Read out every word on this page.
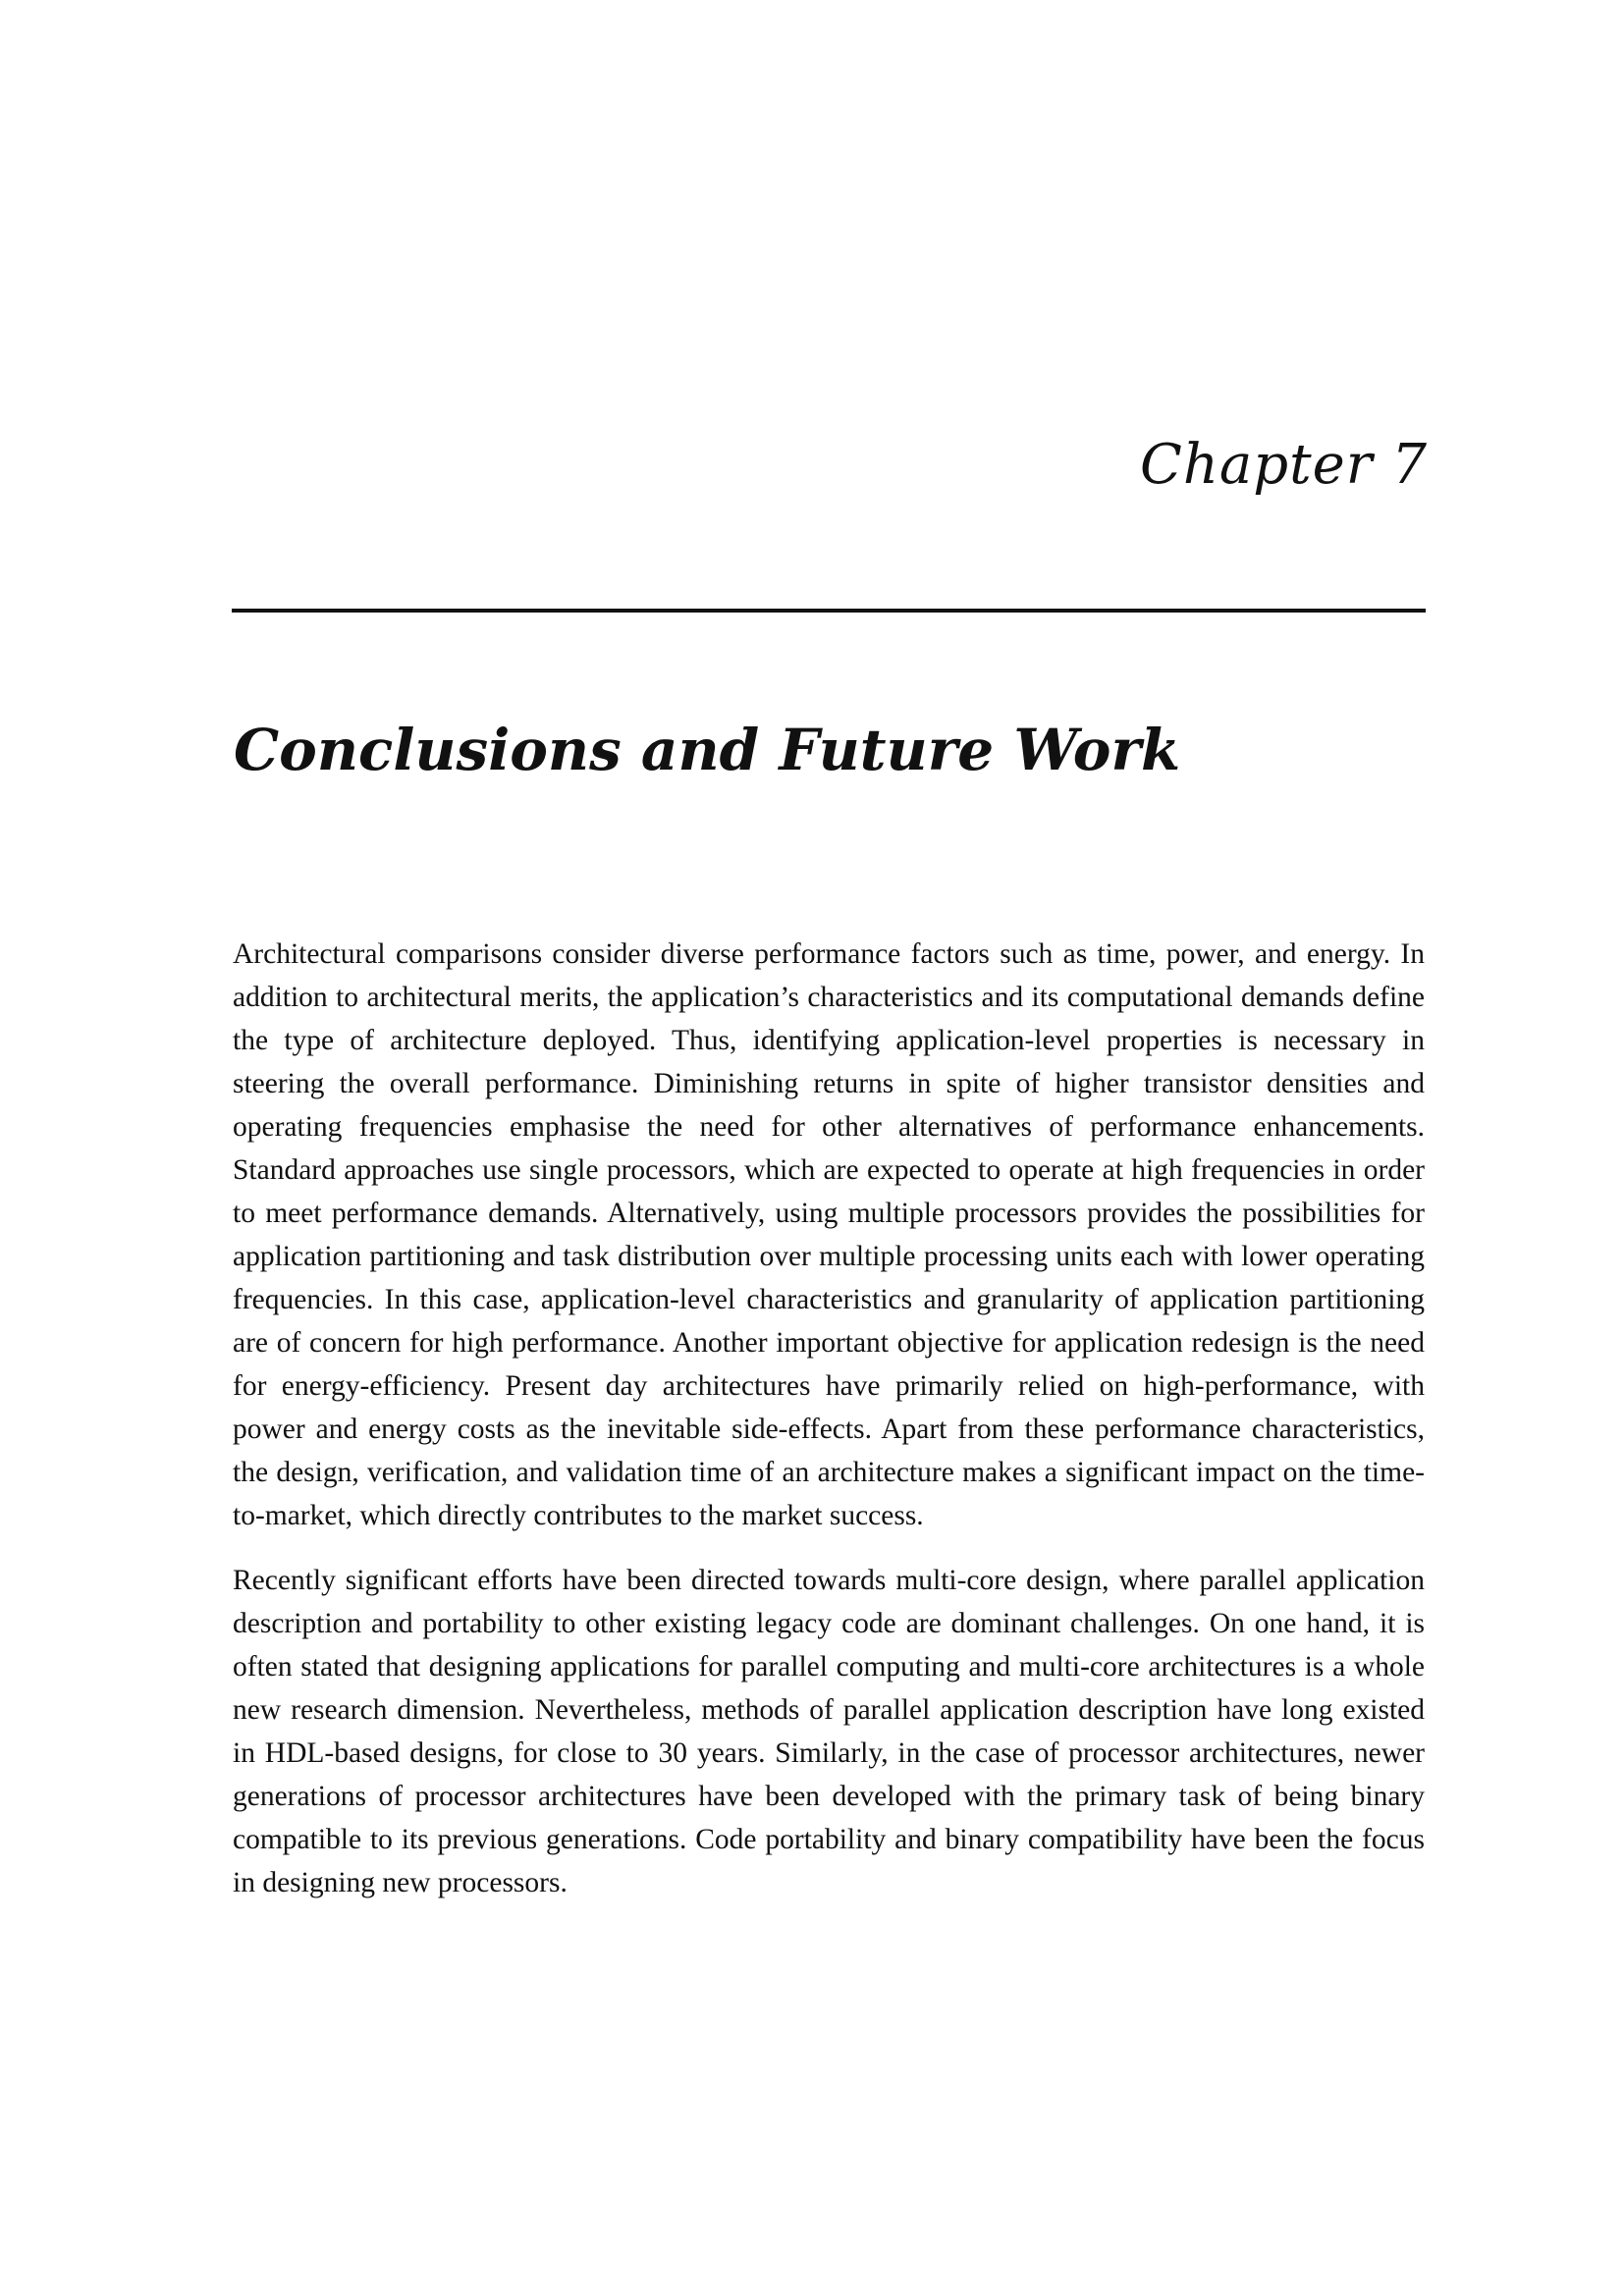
Chapter 7
Conclusions and Future Work

Architectural comparisons consider diverse performance factors such as time, power, and energy. In addition to architectural merits, the application’s characteristics and its computational demands define the type of architecture deployed. Thus, identifying application-level properties is necessary in steering the overall performance. Diminishing returns in spite of higher transistor densities and operating frequencies emphasise the need for other alternatives of performance enhancements. Standard approaches use single processors, which are expected to operate at high frequencies in order to meet performance demands. Alternatively, using multiple processors provides the possibilities for application partitioning and task distribution over multiple processing units each with lower operating frequencies. In this case, application-level characteristics and granularity of application partitioning are of concern for high performance. Another important objective for application redesign is the need for energy-efficiency. Present day architectures have primarily relied on high-performance, with power and energy costs as the inevitable side-effects. Apart from these performance characteristics, the design, verification, and validation time of an architecture makes a significant impact on the time-to-market, which directly contributes to the market success.

Recently significant efforts have been directed towards multi-core design, where parallel application description and portability to other existing legacy code are dominant challenges. On one hand, it is often stated that designing applications for parallel computing and multi-core architectures is a whole new research dimension. Nevertheless, methods of parallel application description have long existed in HDL-based designs, for close to 30 years. Similarly, in the case of processor architectures, newer generations of processor architectures have been developed with the primary task of being binary compatible to its previous generations. Code portability and binary compatibility have been the focus in designing new processors.
